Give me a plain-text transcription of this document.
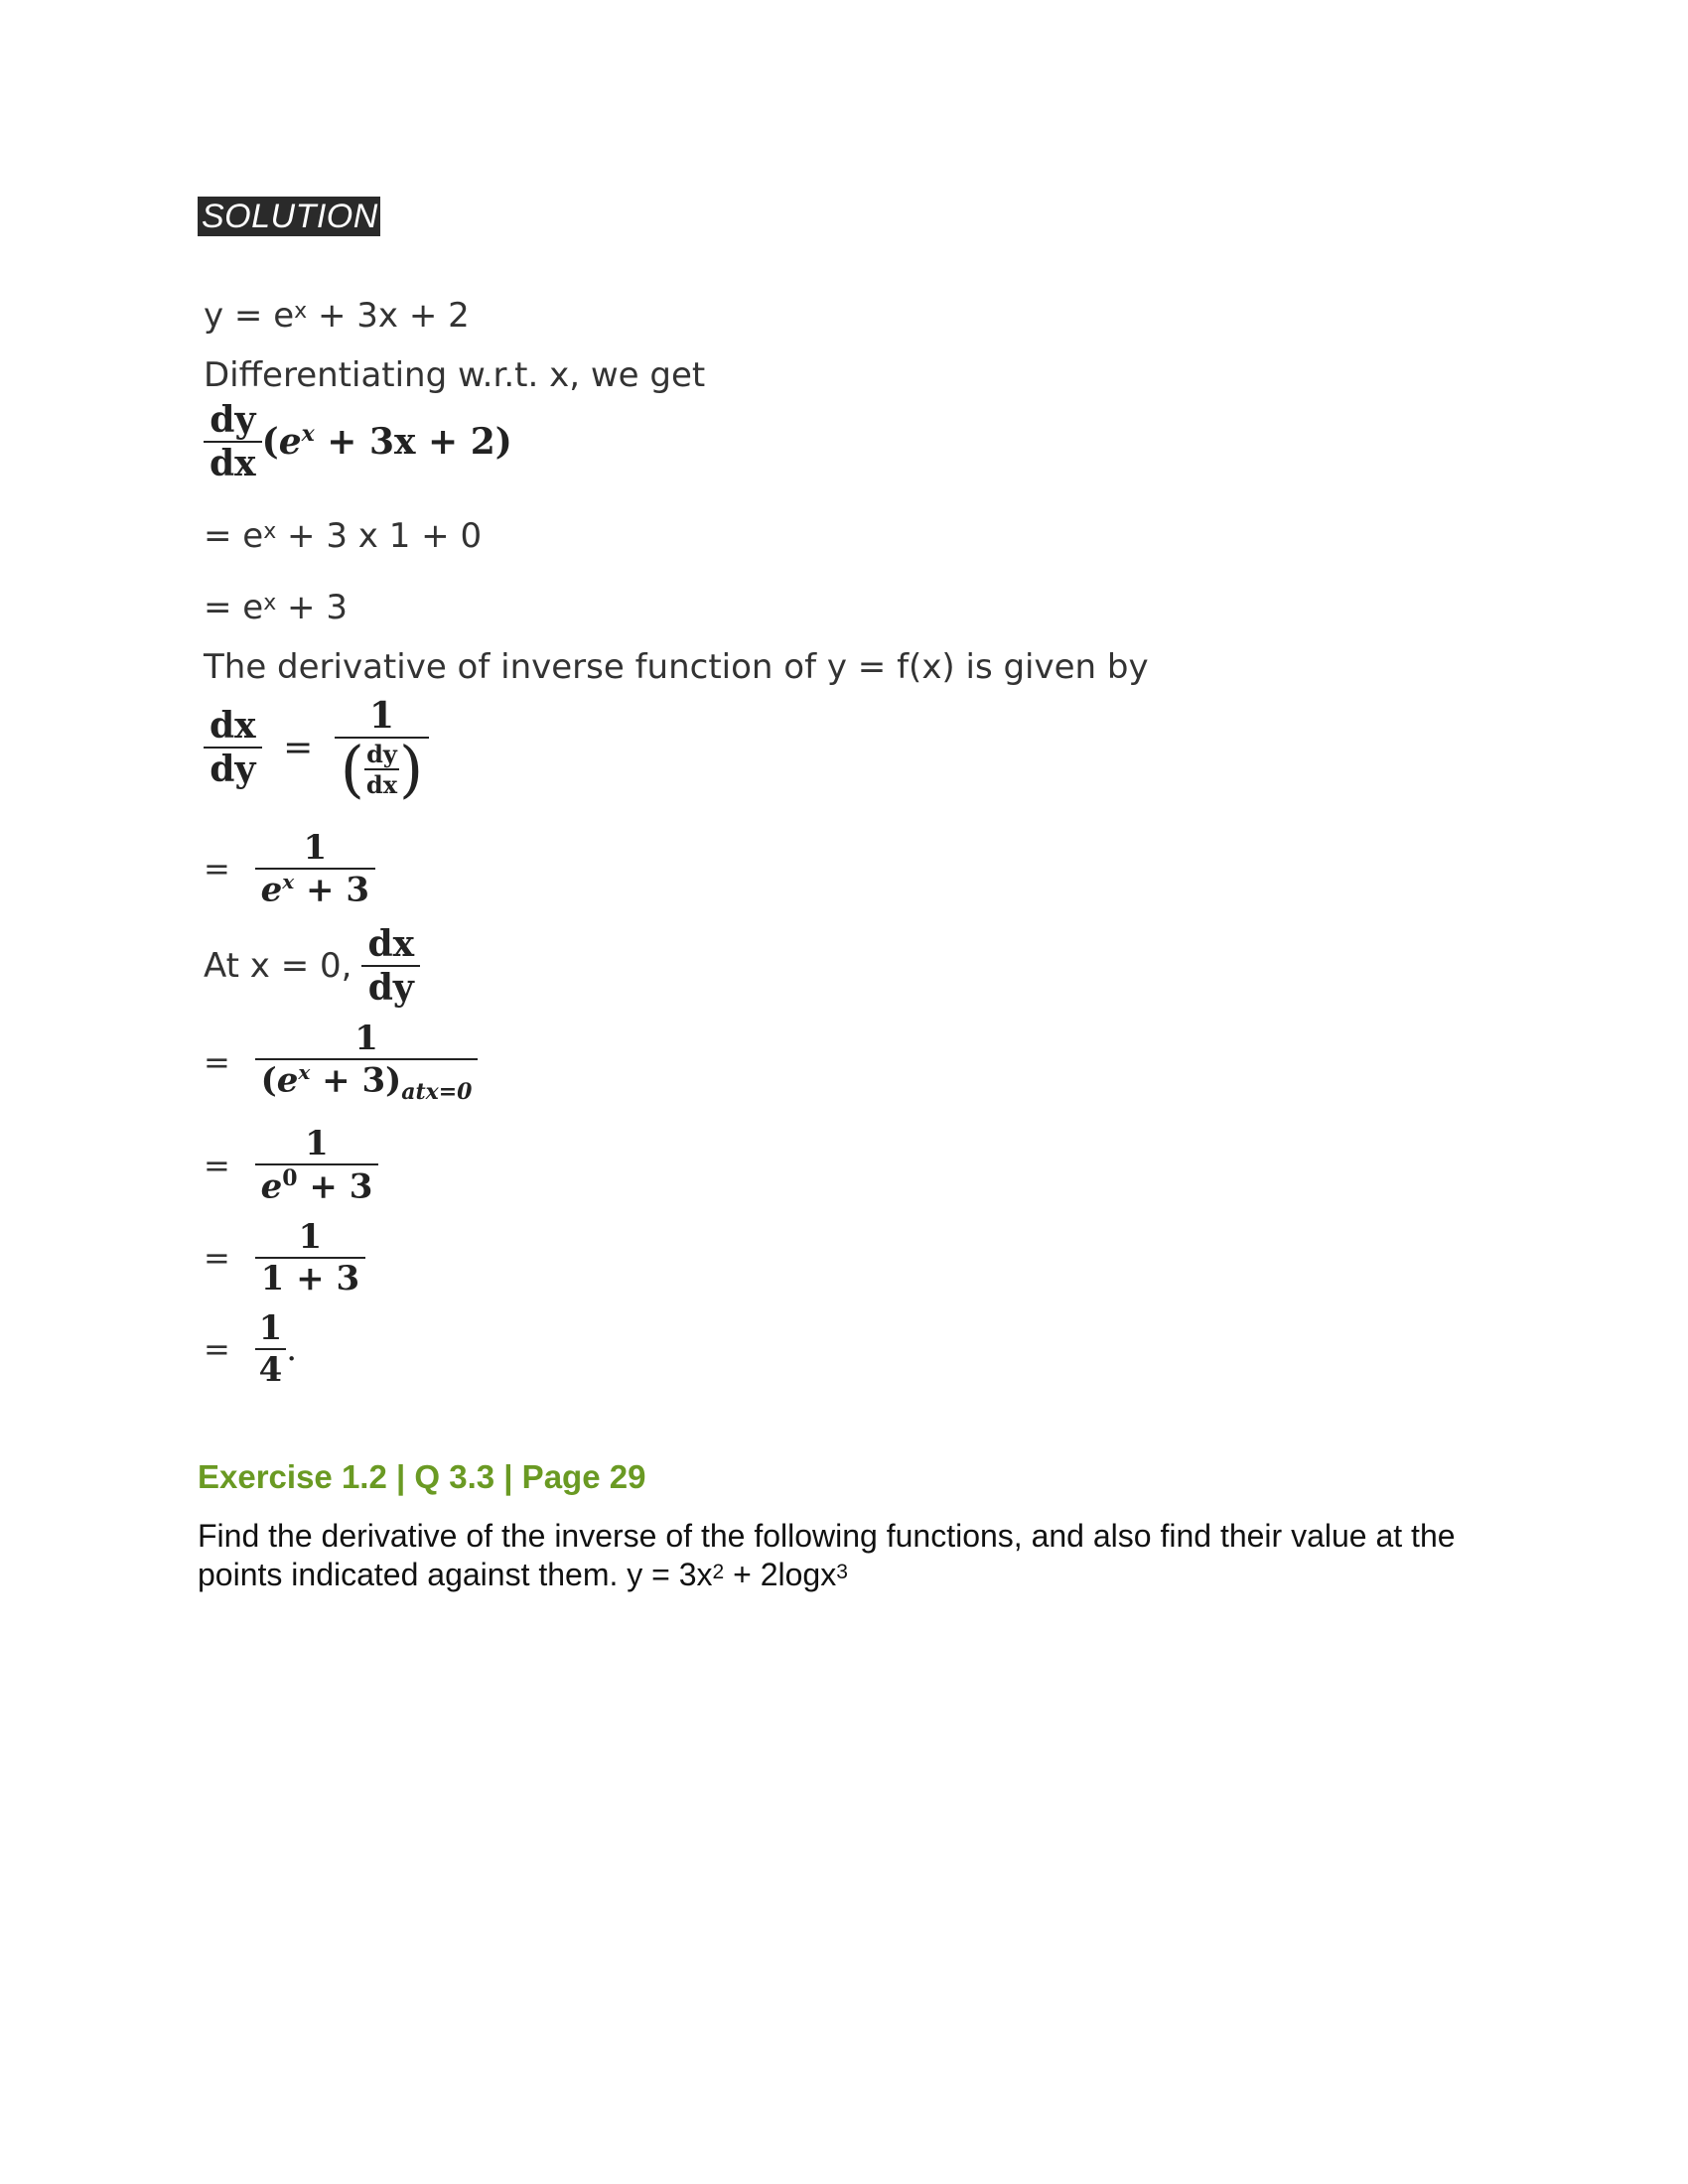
SOLUTION
$y = e^x + 3x + 2$
Differentiating w.r.t. x, we get
$\frac{dy}{dx} (e^x + 3x + 2)$
= $e^x + 3$ x 1 + 0
= $e^x + 3$
The derivative of inverse function of y = f(x) is given by
$\frac{dx}{dy} = \frac{1}{( \frac{dy}{dx} )}$
= $\frac{1}{e^x + 3}$
At x = 0, $\frac{dx}{dy}$
= $\frac{1}{(e^x + 3)_{atx=0}}$
= $\frac{1}{e^0 + 3}$
= $\frac{1}{1 + 3}$
= $\frac{1}{4}$ .
Exercise 1.2 | Q 3.3 | Page 29
Find the derivative of the inverse of the following functions, and also find their value at the points indicated against them. $y = 3x^2 + 2\log x^3$
